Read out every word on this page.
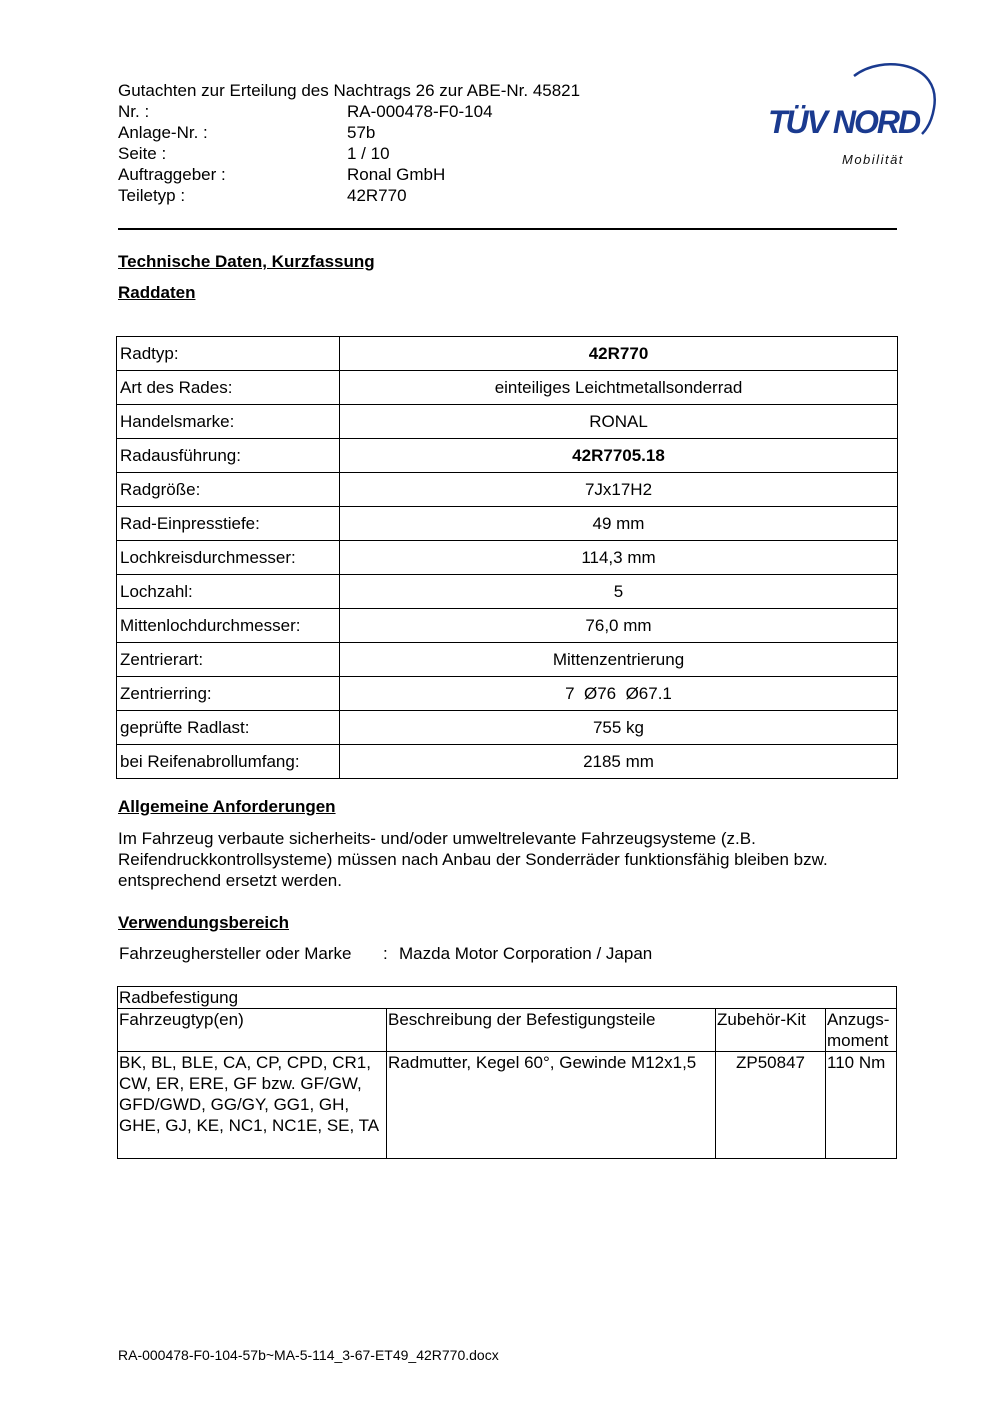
Gutachten zur Erteilung des Nachtrags 26 zur ABE-Nr. 45821
Nr. :	RA-000478-F0-104
Anlage-Nr. :	57b
Seite :	1 / 10
Auftraggeber :	Ronal GmbH
Teiletyp :	42R770
TÜV NORD
Mobilität
Technische Daten, Kurzfassung
Raddaten
Radtyp:	42R770
Art des Rades:	einteiliges Leichtmetallsonderrad
Handelsmarke:	RONAL
Radausführung:	42R7705.18
Radgröße:	7Jx17H2
Rad-Einpresstiefe:	49 mm
Lochkreisdurchmesser:	114,3 mm
Lochzahl:	5
Mittenlochdurchmesser:	76,0 mm
Zentrierart:	Mittenzentrierung
Zentrierring:	7  Ø76  Ø67.1
geprüfte Radlast:	755 kg
bei Reifenabrollumfang:	2185 mm
Allgemeine Anforderungen
Im Fahrzeug verbaute sicherheits- und/oder umweltrelevante Fahrzeugsysteme (z.B. Reifendruckkontrollsysteme) müssen nach Anbau der Sonderräder funktionsfähig bleiben bzw. entsprechend ersetzt werden.
Verwendungsbereich
Fahrzeughersteller oder Marke	: Mazda Motor Corporation / Japan
Radbefestigung			
Fahrzeugtyp(en)	Beschreibung der Befestigungsteile	Zubehör-Kit	Anzugs-
moment
BK, BL, BLE, CA, CP, CPD, CR1, CW, ER, ERE, GF bzw. GF/GW, GFD/GWD, GG/GY, GG1, GH, GHE, GJ, KE, NC1, NC1E, SE, TA	Radmutter, Kegel 60°, Gewinde M12x1,5	ZP50847	110 Nm
RA-000478-F0-104-57b~MA-5-114_3-67-ET49_42R770.docx
